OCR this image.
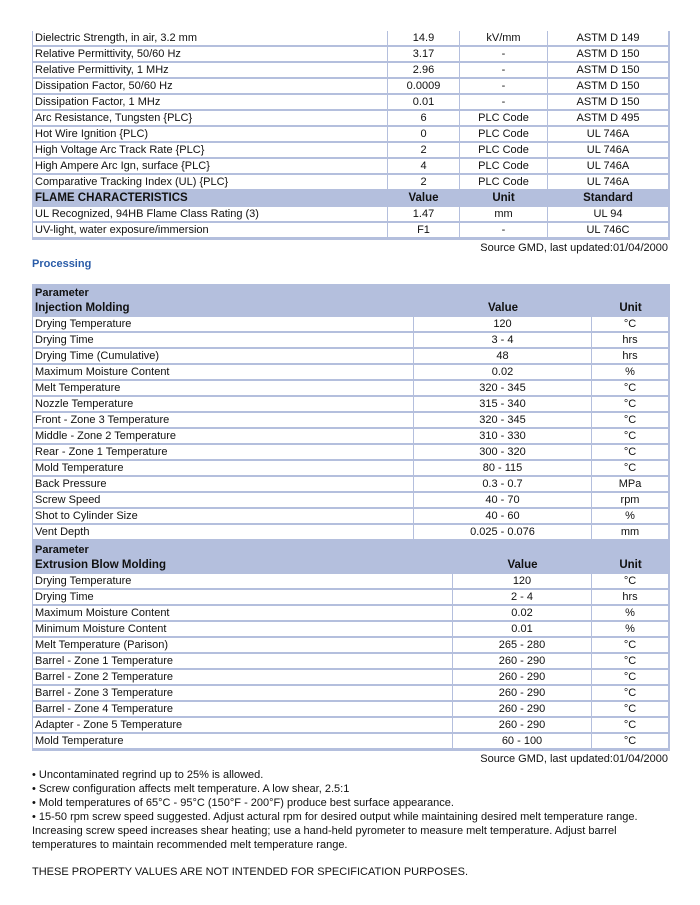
Dielectric Strength, in air, 3.2 mm	14.9	kV/mm	ASTM D 149
Relative Permittivity, 50/60 Hz	3.17	-	ASTM D 150
Relative Permittivity, 1 MHz	2.96	-	ASTM D 150
Dissipation Factor, 50/60 Hz	0.0009	-	ASTM D 150
Dissipation Factor, 1 MHz	0.01	-	ASTM D 150
Arc Resistance, Tungsten {PLC}	6	PLC Code	ASTM D 495
Hot Wire Ignition {PLC)	0	PLC Code	UL 746A
High Voltage Arc Track Rate {PLC}	2	PLC Code	UL 746A
High Ampere Arc Ign, surface {PLC}	4	PLC Code	UL 746A
Comparative Tracking Index (UL) {PLC}	2	PLC Code	UL 746A
FLAME CHARACTERISTICS	Value	Unit	Standard
UL Recognized, 94HB Flame Class Rating (3)	1.47	mm	UL 94
UV-light, water exposure/immersion	F1	-	UL 746C
Source GMD, last updated:01/04/2000
Processing
Parameter		
Injection Molding	Value	Unit
Drying Temperature	120	°C
Drying Time	3 - 4	hrs
Drying Time (Cumulative)	48	hrs
Maximum Moisture Content	0.02	%
Melt Temperature	320 - 345	°C
Nozzle Temperature	315 - 340	°C
Front - Zone 3 Temperature	320 - 345	°C
Middle - Zone 2 Temperature	310 - 330	°C
Rear - Zone 1 Temperature	300 - 320	°C
Mold Temperature	80 - 115	°C
Back Pressure	0.3 - 0.7	MPa
Screw Speed	40 - 70	rpm
Shot to Cylinder Size	40 - 60	%
Vent Depth	0.025 - 0.076	mm
Parameter		
Extrusion Blow Molding	Value	Unit
Drying Temperature	120	°C
Drying Time	2 - 4	hrs
Maximum Moisture Content	0.02	%
Minimum Moisture Content	0.01	%
Melt Temperature (Parison)	265 - 280	°C
Barrel - Zone 1 Temperature	260 - 290	°C
Barrel - Zone 2 Temperature	260 - 290	°C
Barrel - Zone 3 Temperature	260 - 290	°C
Barrel - Zone 4 Temperature	260 - 290	°C
Adapter - Zone 5 Temperature	260 - 290	°C
Mold Temperature	60 - 100	°C
Source GMD, last updated:01/04/2000

• Uncontaminated regrind up to 25% is allowed.

• Screw configuration affects melt temperature. A low shear, 2.5:1

• Mold temperatures of 65°C - 95°C (150°F - 200°F) produce best surface appearance.

• 15-50 rpm screw speed suggested. Adjust actural rpm for desired output while maintaining desired melt temperature range. Increasing screw speed increases shear heating; use a hand-held pyrometer to measure melt temperature. Adjust barrel temperatures to maintain recommended melt temperature range.

THESE PROPERTY VALUES ARE NOT INTENDED FOR SPECIFICATION PURPOSES.
